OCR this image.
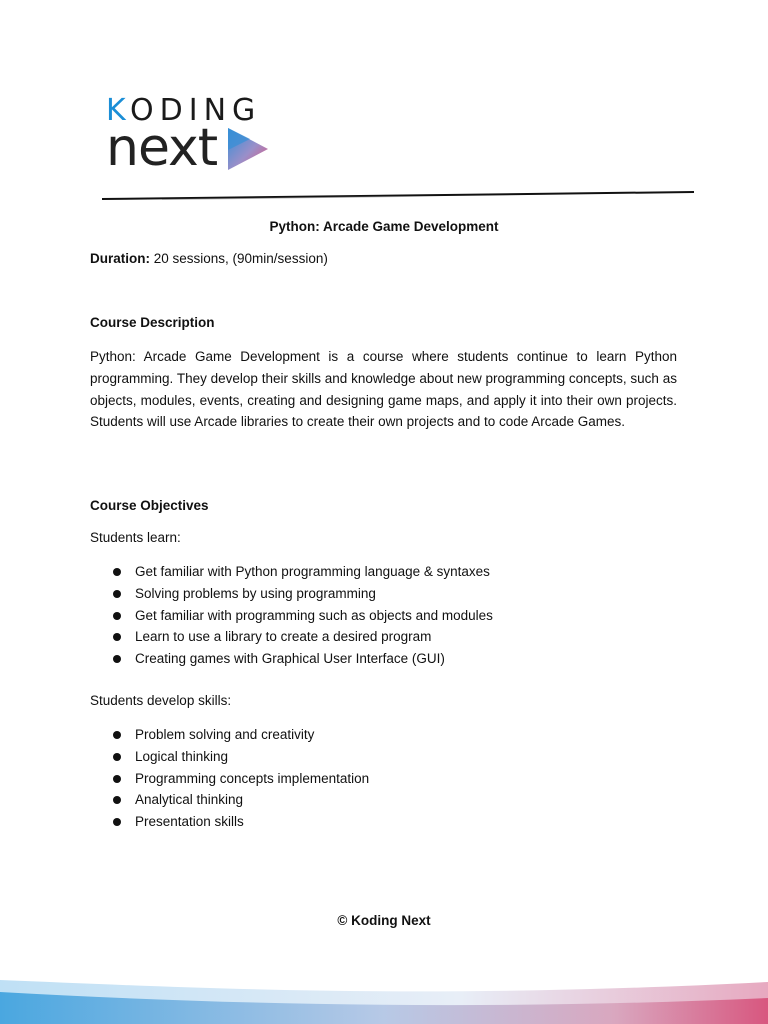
KODING
next
Python: Arcade Game Development
Duration: 20 sessions, (90min/session)
Course Description
Python: Arcade Game Development is a course where students continue to learn Python programming. They develop their skills and knowledge about new programming concepts, such as objects, modules, events, creating and designing game maps, and apply it into their own projects. Students will use Arcade libraries to create their own projects and to code Arcade Games.
Course Objectives
Students learn:
Get familiar with Python programming language & syntaxes
Solving problems by using programming
Get familiar with programming such as objects and modules
Learn to use a library to create a desired program
Creating games with Graphical User Interface (GUI)
Students develop skills:
Problem solving and creativity
Logical thinking
Programming concepts implementation
Analytical thinking
Presentation skills
© Koding Next
